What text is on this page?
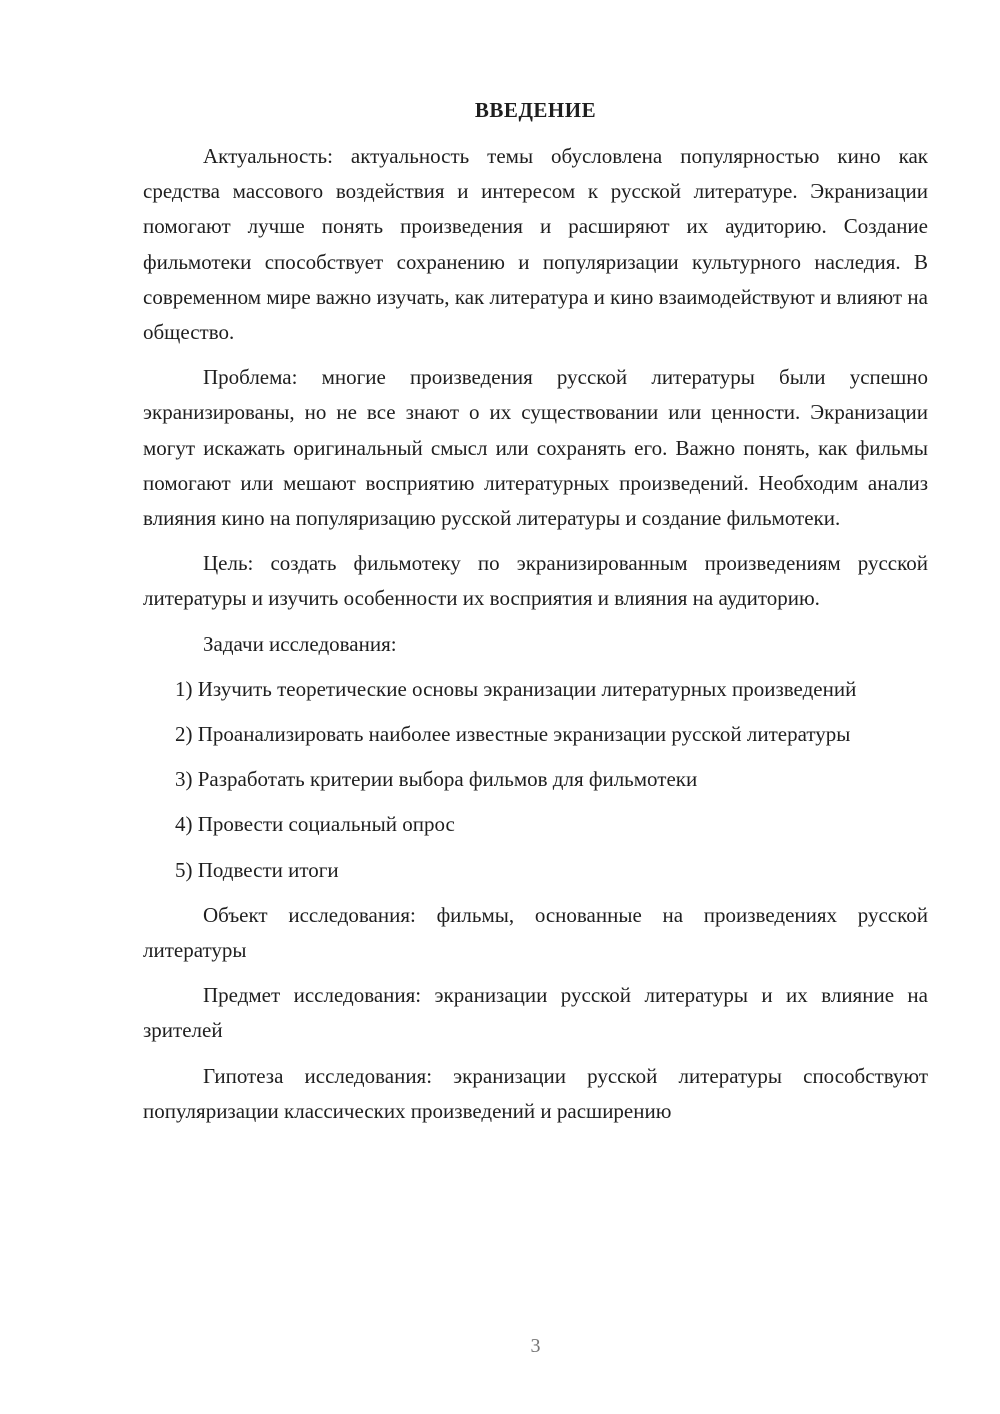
ВВЕДЕНИЕ

Актуальность: актуальность темы обусловлена популярностью кино как средства массового воздействия и интересом к русской литературе. Экранизации помогают лучше понять произведения и расширяют их аудиторию. Создание фильмотеки способствует сохранению и популяризации культурного наследия. В современном мире важно изучать, как литература и кино взаимодействуют и влияют на общество.

Проблема: многие произведения русской литературы были успешно экранизированы, но не все знают о их существовании или ценности. Экранизации могут искажать оригинальный смысл или сохранять его. Важно понять, как фильмы помогают или мешают восприятию литературных произведений. Необходим анализ влияния кино на популяризацию русской литературы и создание фильмотеки.

Цель: создать фильмотеку по экранизированным произведениям русской литературы и изучить особенности их восприятия и влияния на аудиторию.

Задачи исследования:

1) Изучить теоретические основы экранизации литературных произведений

2) Проанализировать наиболее известные экранизации русской литературы

3) Разработать критерии выбора фильмов для фильмотеки

4) Провести социальный опрос

5) Подвести итоги

Объект исследования: фильмы, основанные на произведениях русской литературы

Предмет исследования: экранизации русской литературы и их влияние на зрителей

Гипотеза исследования: экранизации русской литературы способствуют популяризации классических произведений и расширению

3
